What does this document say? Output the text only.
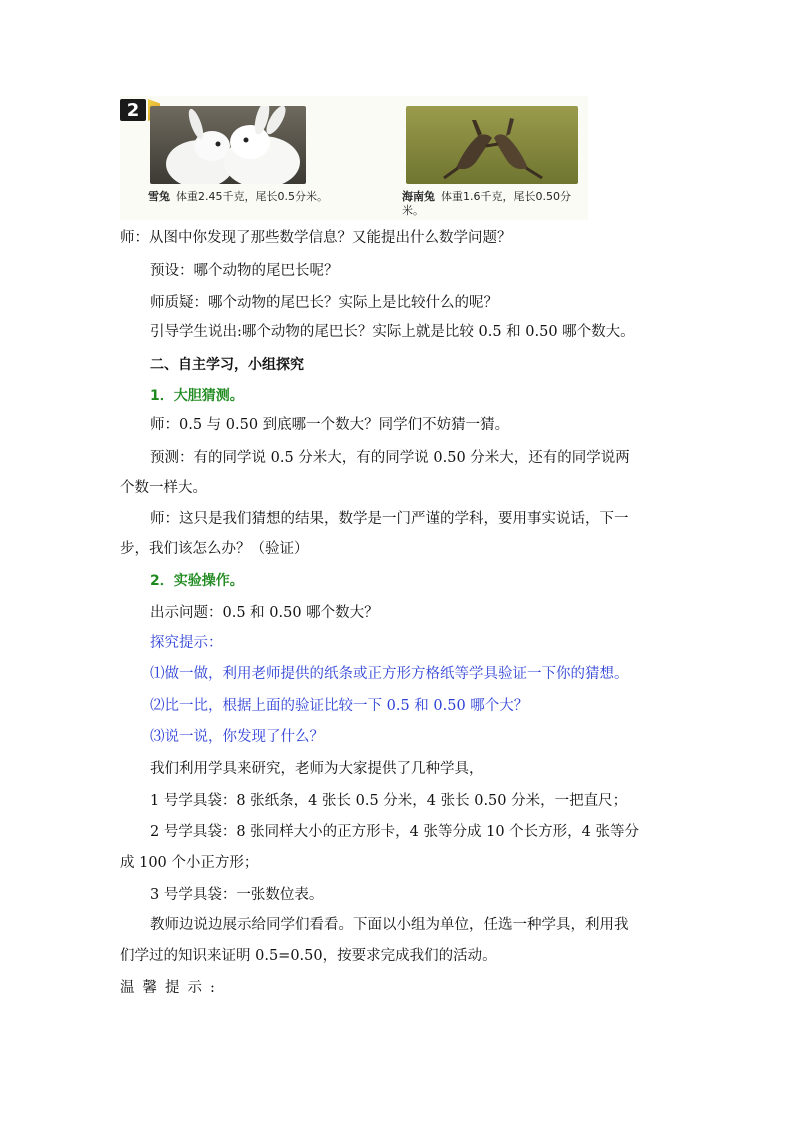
2
雪兔 体重2.45千克，尾长0.5分米。	海南兔 体重1.6千克，尾长0.50分米。
师：从图中你发现了那些数学信息？又能提出什么数学问题？
预设：哪个动物的尾巴长呢？
师质疑：哪个动物的尾巴长？实际上是比较什么的呢？
引导学生说出:哪个动物的尾巴长？实际上就是比较 0.5 和 0.50 哪个数大。
二、自主学习，小组探究
1．大胆猜测。
师：0.5 与 0.50 到底哪一个数大？同学们不妨猜一猜。
预测：有的同学说 0.5 分米大，有的同学说 0.50 分米大，还有的同学说两
个数一样大。
师：这只是我们猜想的结果，数学是一门严谨的学科，要用事实说话，下一
步，我们该怎么办？（验证）
2．实验操作。
出示问题：0.5 和 0.50 哪个数大？
探究提示：
⑴做一做，利用老师提供的纸条或正方形方格纸等学具验证一下你的猜想。
⑵比一比，根据上面的验证比较一下 0.5 和 0.50 哪个大？
⑶说一说，你发现了什么？
我们利用学具来研究，老师为大家提供了几种学具，
1 号学具袋：8 张纸条，4 张长 0.5 分米，4 张长 0.50 分米，一把直尺；
2 号学具袋：8 张同样大小的正方形卡，4 张等分成 10 个长方形，4 张等分
成 100 个小正方形；
3 号学具袋：一张数位表。
教师边说边展示给同学们看看。下面以小组为单位，任选一种学具，利用我
们学过的知识来证明 0.5=0.50，按要求完成我们的活动。
温馨提示:
